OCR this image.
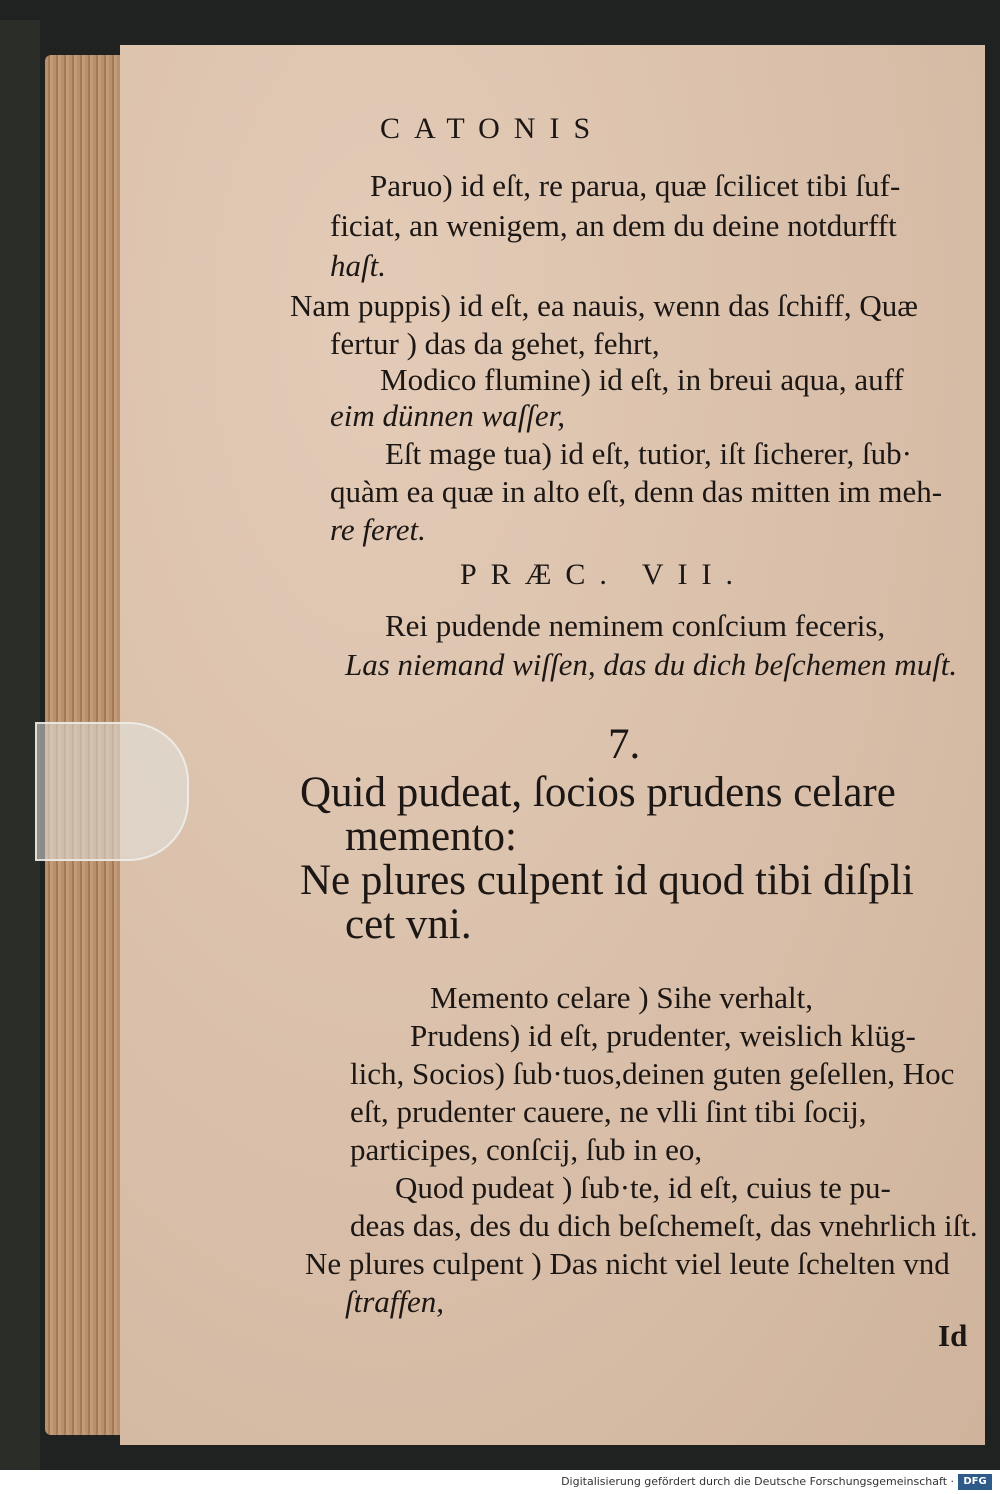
CATONIS
Paruo) id eſt, re parua, quæ ſcilicet tibi ſuf-
ficiat, an wenigem, an dem du deine notdurfft
haſt.
Nam puppis) id eſt, ea nauis, wenn das ſchiff, Quæ
fertur ) das da gehet, fehrt,
Modico flumine) id eſt, in breui aqua, auff
eim dünnen waſſer,
Eſt mage tua) id eſt, tutior, iſt ſicherer, ſub·
quàm ea quæ in alto eſt, denn das mitten im meh-
re feret.
PRÆC. VII.
Rei pudende neminem conſcium feceris,
Las niemand wiſſen, das du dich beſchemen muſt.
7.
Quid pudeat, ſocios prudens celare
memento:
Ne plures culpent id quod tibi diſpli
cet vni.
Memento celare ) Sihe verhalt,
Prudens) id eſt, prudenter, weislich klüg-
lich, Socios) ſub·tuos,deinen guten geſellen, Hoc
eſt, prudenter cauere, ne vlli ſint tibi ſocij,
participes, conſcij, ſub in eo,
Quod pudeat ) ſub·te, id eſt, cuius te pu-
deas das, des du dich beſchemeſt, das vnehrlich iſt.
Ne plures culpent ) Das nicht viel leute ſchelten vnd
ſtraffen,
Id
Digitalisierung gefördert durch die Deutsche Forschungsgemeinschaft · DFG
